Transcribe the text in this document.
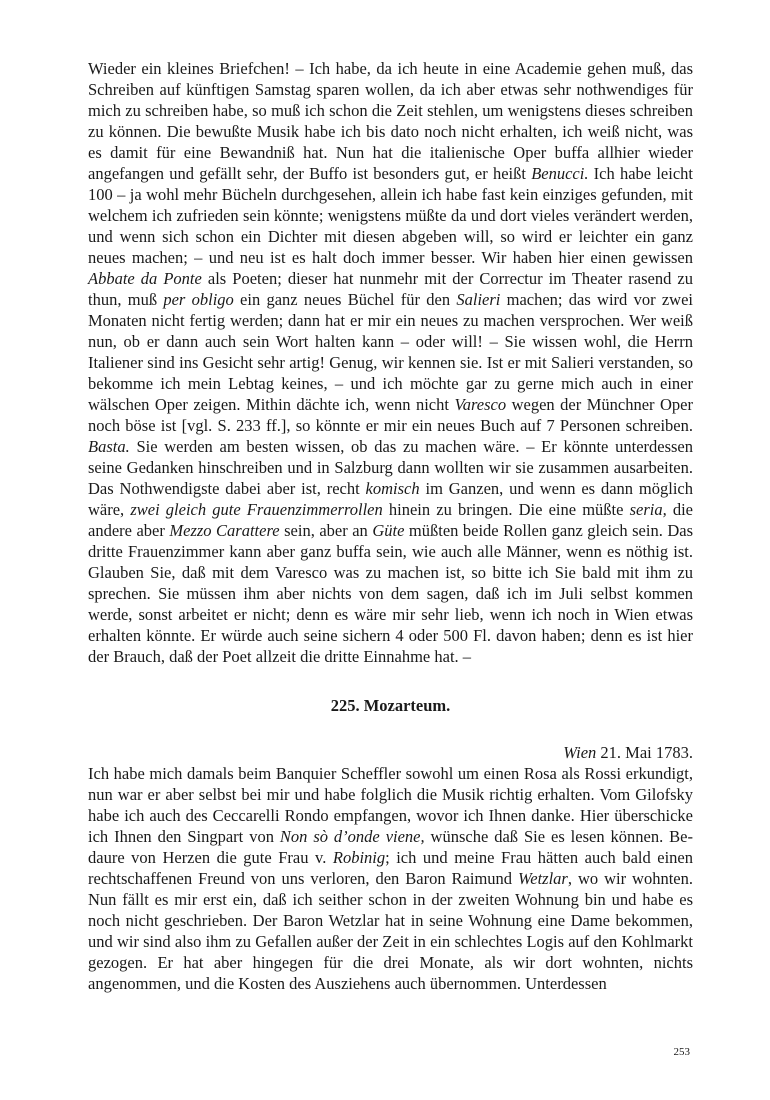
Wieder ein kleines Briefchen! – Ich habe, da ich heute in eine Academie gehen muß, das Schreiben auf künftigen Samstag sparen wollen, da ich aber etwas sehr nothwendiges für mich zu schreiben habe, so muß ich schon die Zeit stehlen, um wenigstens dieses schreiben zu können. Die bewußte Musik habe ich bis dato noch nicht erhalten, ich weiß nicht, was es damit für eine Bewandniß hat. Nun hat die italienische Oper buffa allhier wieder angefangen und gefällt sehr, der Buffo ist besonders gut, er heißt Benucci. Ich habe leicht 100 – ja wohl mehr Bücheln durchgesehen, allein ich habe fast kein einziges gefunden, mit welchem ich zufrieden sein könnte; wenigstens müßte da und dort vieles verändert werden, und wenn sich schon ein Dichter mit diesen abgeben will, so wird er leichter ein ganz neues machen; – und neu ist es halt doch immer besser. Wir haben hier einen gewissen Abbate da Ponte als Poeten; dieser hat nunmehr mit der Correctur im Theater rasend zu thun, muß per obligo ein ganz neues Büchel für den Salieri machen; das wird vor zwei Monaten nicht fertig werden; dann hat er mir ein neues zu machen versprochen. Wer weiß nun, ob er dann auch sein Wort halten kann – oder will! – Sie wissen wohl, die Herrn Italiener sind ins Gesicht sehr artig! Genug, wir kennen sie. Ist er mit Salieri verstanden, so bekomme ich mein Lebtag keines, – und ich möchte gar zu gerne mich auch in einer wälschen Oper zeigen. Mithin dächte ich, wenn nicht Varesco wegen der Münchner Oper noch böse ist [vgl. S. 233 ff.], so könnte er mir ein neues Buch auf 7 Personen schreiben. Basta. Sie werden am besten wissen, ob das zu machen wäre. – Er könnte unterdessen seine Gedanken hinschreiben und in Salzburg dann wollten wir sie zusammen ausarbeiten. Das Nothwendigste dabei aber ist, recht komisch im Ganzen, und wenn es dann möglich wäre, zwei gleich gute Frauenzimmerrollen hinein zu bringen. Die eine müßte seria, die andere aber Mezzo Carattere sein, aber an Güte müßten beide Rollen ganz gleich sein. Das dritte Frauenzimmer kann aber ganz buffa sein, wie auch alle Männer, wenn es nöthig ist. Glauben Sie, daß mit dem Varesco was zu machen ist, so bitte ich Sie bald mit ihm zu sprechen. Sie müssen ihm aber nichts von dem sagen, daß ich im Juli selbst kommen werde, sonst arbeitet er nicht; denn es wäre mir sehr lieb, wenn ich noch in Wien etwas erhalten könnte. Er würde auch seine sichern 4 oder 500 Fl. davon haben; denn es ist hier der Brauch, daß der Poet allzeit die dritte Einnahme hat. –

225. Mozarteum.

Wien 21. Mai 1783.

Ich habe mich damals beim Banquier Scheffler sowohl um einen Rosa als Rossi erkundigt, nun war er aber selbst bei mir und habe folglich die Musik richtig erhalten. Vom Gilofsky habe ich auch des Ceccarelli Rondo empfangen, wovor ich Ihnen danke. Hier überschicke ich Ihnen den Singpart von Non sò d’onde viene, wünsche daß Sie es lesen können. Bedaure von Herzen die gute Frau v. Robinig; ich und meine Frau hätten auch bald einen rechtschaffenen Freund von uns verloren, den Baron Raimund Wetzlar, wo wir wohnten. Nun fällt es mir erst ein, daß ich seither schon in der zweiten Wohnung bin und habe es noch nicht geschrieben. Der Baron Wetzlar hat in seine Wohnung eine Dame bekommen, und wir sind also ihm zu Gefallen außer der Zeit in ein schlechtes Logis auf den Kohlmarkt gezogen. Er hat aber hingegen für die drei Monate, als wir dort wohnten, nichts angenommen, und die Kosten des Ausziehens auch übernommen. Unterdessen

253
